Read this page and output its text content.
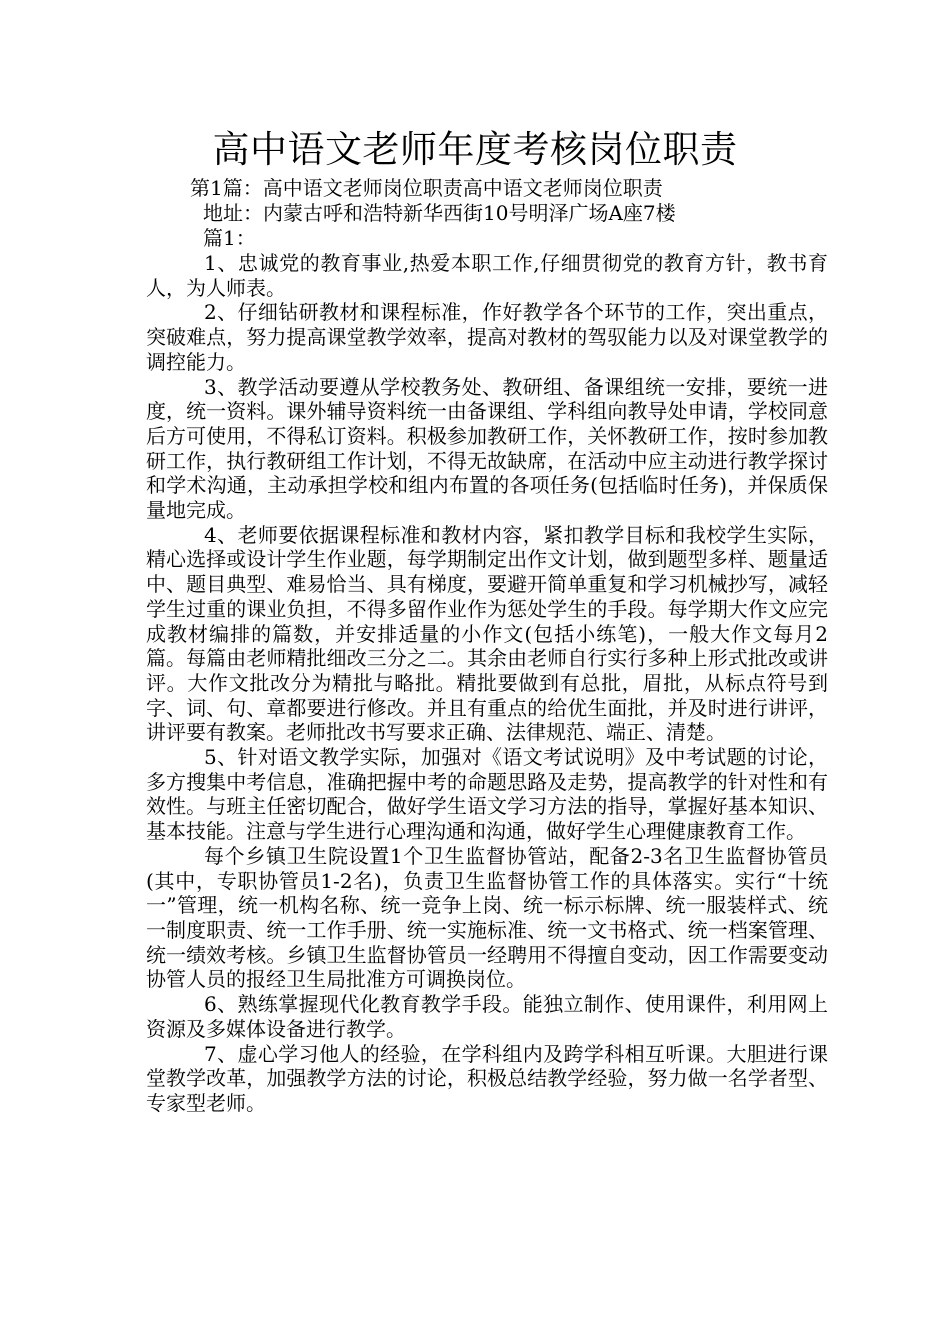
高中语文老师年度考核岗位职责
第1篇：高中语文老师岗位职责高中语文老师岗位职责
地址：内蒙古呼和浩特新华西街10号明泽广场A座7楼
篇1：

1、忠诚党的教育事业,热爱本职工作,仔细贯彻党的教育方针，教书育人，为人师表。

2、仔细钻研教材和课程标准，作好教学各个环节的工作，突出重点，突破难点，努力提高课堂教学效率，提高对教材的驾驭能力以及对课堂教学的调控能力。

3、教学活动要遵从学校教务处、教研组、备课组统一安排，要统一进度，统一资料。课外辅导资料统一由备课组、学科组向教导处申请，学校同意后方可使用，不得私订资料。积极参加教研工作，关怀教研工作，按时参加教研工作，执行教研组工作计划，不得无故缺席，在活动中应主动进行教学探讨和学术沟通，主动承担学校和组内布置的各项任务(包括临时任务)，并保质保量地完成。

4、老师要依据课程标准和教材内容，紧扣教学目标和我校学生实际，精心选择或设计学生作业题，每学期制定出作文计划，做到题型多样、题量适中、题目典型、难易恰当、具有梯度，要避开简单重复和学习机械抄写，减轻学生过重的课业负担，不得多留作业作为惩处学生的手段。每学期大作文应完成教材编排的篇数，并安排适量的小作文(包括小练笔)，一般大作文每月2篇。每篇由老师精批细改三分之二。其余由老师自行实行多种上形式批改或讲评。大作文批改分为精批与略批。精批要做到有总批，眉批，从标点符号到字、词、句、章都要进行修改。并且有重点的给优生面批，并及时进行讲评，讲评要有教案。老师批改书写要求正确、法律规范、端正、清楚。

5、针对语文教学实际，加强对《语文考试说明》及中考试题的讨论，多方搜集中考信息，准确把握中考的命题思路及走势，提高教学的针对性和有效性。与班主任密切配合，做好学生语文学习方法的指导，掌握好基本知识、基本技能。注意与学生进行心理沟通和沟通，做好学生心理健康教育工作。

每个乡镇卫生院设置1个卫生监督协管站，配备2-3名卫生监督协管员(其中，专职协管员1-2名)，负责卫生监督协管工作的具体落实。实行“十统一”管理，统一机构名称、统一竞争上岗、统一标示标牌、统一服装样式、统一制度职责、统一工作手册、统一实施标准、统一文书格式、统一档案管理、统一绩效考核。乡镇卫生监督协管员一经聘用不得擅自变动，因工作需要变动协管人员的报经卫生局批准方可调换岗位。

6、熟练掌握现代化教育教学手段。能独立制作、使用课件，利用网上资源及多媒体设备进行教学。

7、虚心学习他人的经验，在学科组内及跨学科相互听课。大胆进行课堂教学改革，加强教学方法的讨论，积极总结教学经验，努力做一名学者型、专家型老师。
